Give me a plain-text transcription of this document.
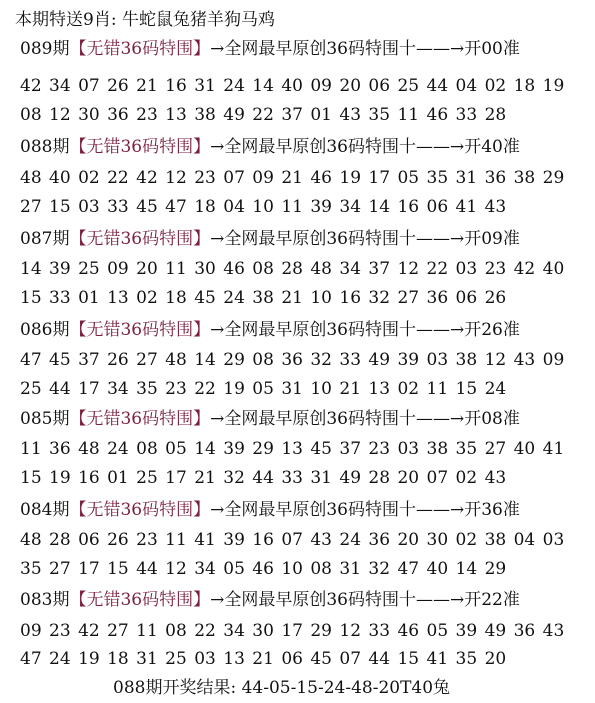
本期特送9肖: 牛蛇鼠兔猪羊狗马鸡
089期【无错36码特围】→全网最早原创36码特围十——→开00准
42 34 07 26 21 16 31 24 14 40 09 20 06 25 44 04 02 18 19
08 12 30 36 23 13 38 49 22 37 01 43 35 11 46 33 28
088期【无错36码特围】→全网最早原创36码特围十——→开40准
48 40 02 22 42 12 23 07 09 21 46 19 17 05 35 31 36 38 29
27 15 03 33 45 47 18 04 10 11 39 34 14 16 06 41 43
087期【无错36码特围】→全网最早原创36码特围十——→开09准
14 39 25 09 20 11 30 46 08 28 48 34 37 12 22 03 23 42 40
15 33 01 13 02 18 45 24 38 21 10 16 32 27 36 06 26
086期【无错36码特围】→全网最早原创36码特围十——→开26准
47 45 37 26 27 48 14 29 08 36 32 33 49 39 03 38 12 43 09
25 44 17 34 35 23 22 19 05 31 10 21 13 02 11 15 24
085期【无错36码特围】→全网最早原创36码特围十——→开08准
11 36 48 24 08 05 14 39 29 13 45 37 23 03 38 35 27 40 41
15 19 16 01 25 17 21 32 44 33 31 49 28 20 07 02 43
084期【无错36码特围】→全网最早原创36码特围十——→开36准
48 28 06 26 23 11 41 39 16 07 43 24 36 20 30 02 38 04 03
35 27 17 15 44 12 34 05 46 10 08 31 32 47 40 14 29
083期【无错36码特围】→全网最早原创36码特围十——→开22准
09 23 42 27 11 08 22 34 30 17 29 12 33 46 05 39 49 36 43
47 24 19 18 31 25 03 13 21 06 45 07 44 15 41 35 20
088期开奖结果: 44-05-15-24-48-20T40兔
